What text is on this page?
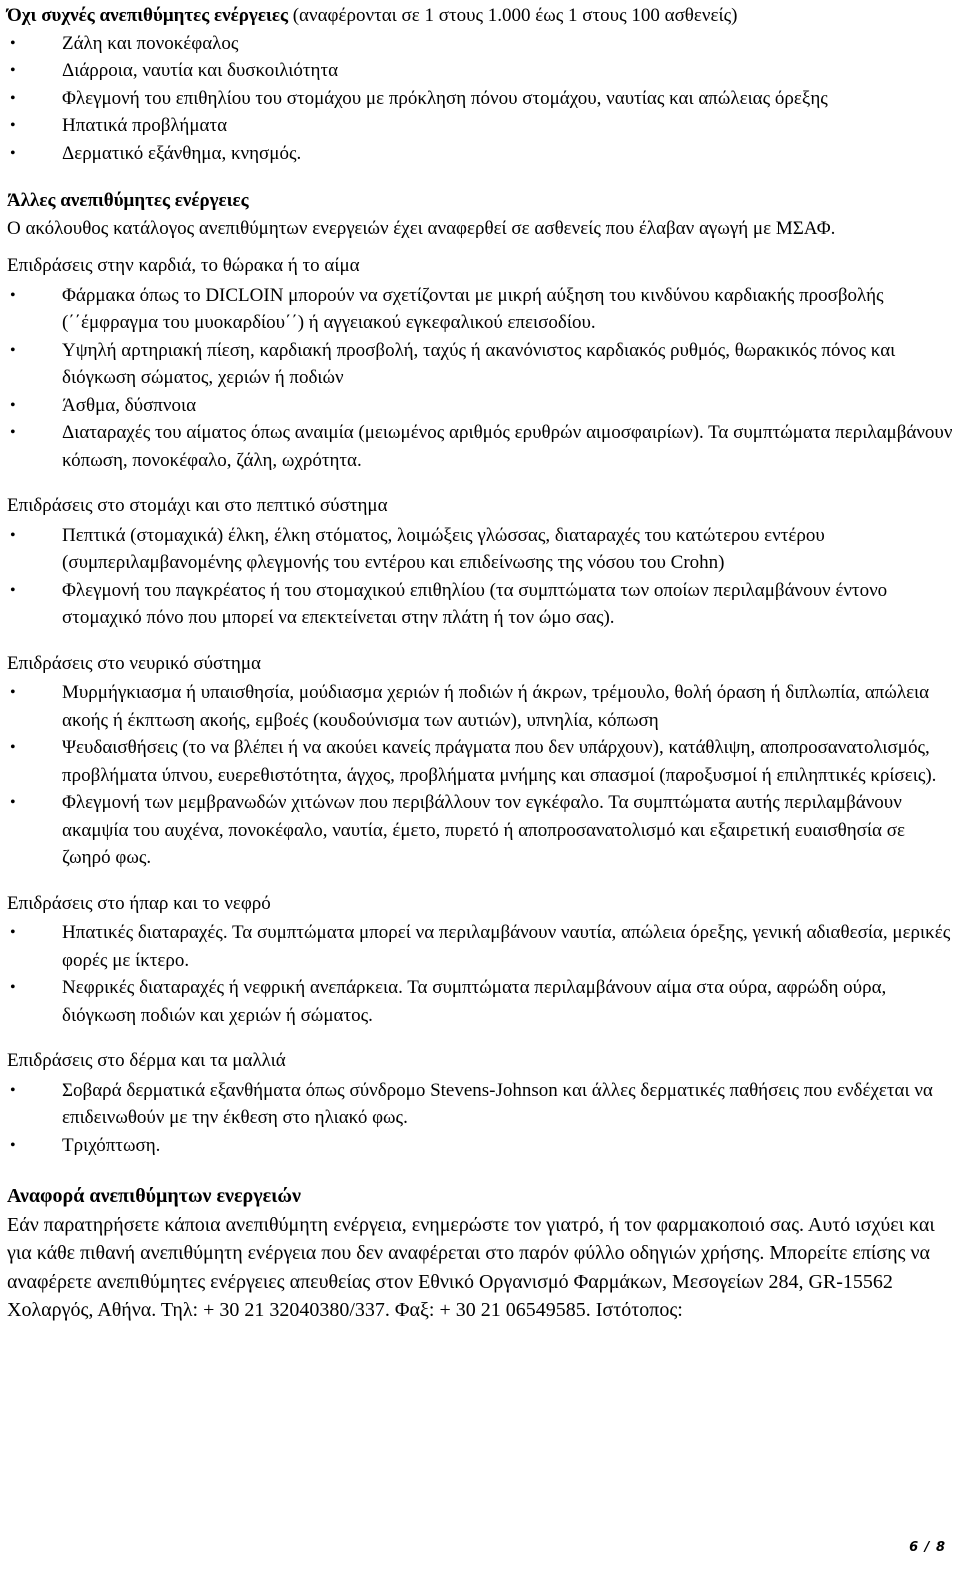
Όχι συχνές ανεπιθύμητες ενέργειες (αναφέρονται σε 1 στους 1.000 έως 1 στους 100 ασθενείς)

• Ζάλη και πονοκέφαλος
• Διάρροια, ναυτία και δυσκοιλιότητα
• Φλεγμονή του επιθηλίου του στομάχου με πρόκληση πόνου στομάχου, ναυτίας και απώλειας όρεξης
• Ηπατικά προβλήματα
• Δερματικό εξάνθημα, κνησμός.

Άλλες ανεπιθύμητες ενέργειες

Ο ακόλουθος κατάλογος ανεπιθύμητων ενεργειών έχει αναφερθεί σε ασθενείς που έλαβαν αγωγή με ΜΣΑΦ.

Επιδράσεις στην καρδιά, το θώρακα ή το αίμα

• Φάρμακα όπως το DICLOIN μπορούν να σχετίζονται με μικρή αύξηση του κινδύνου καρδιακής προσβολής (΄΄έμφραγμα του μυοκαρδίου΄΄) ή αγγειακού εγκεφαλικού επεισοδίου.
• Υψηλή αρτηριακή πίεση, καρδιακή προσβολή, ταχύς ή ακανόνιστος καρδιακός ρυθμός, θωρακικός πόνος και διόγκωση σώματος, χεριών ή ποδιών
• Άσθμα, δύσπνοια
• Διαταραχές του αίματος όπως αναιμία (μειωμένος αριθμός ερυθρών αιμοσφαιρίων). Τα συμπτώματα περιλαμβάνουν κόπωση, πονοκέφαλο, ζάλη, ωχρότητα.

Επιδράσεις στο στομάχι και στο πεπτικό σύστημα

• Πεπτικά (στομαχικά) έλκη, έλκη στόματος, λοιμώξεις γλώσσας, διαταραχές του κατώτερου εντέρου (συμπεριλαμβανομένης φλεγμονής του εντέρου και επιδείνωσης της νόσου του Crohn)
• Φλεγμονή του παγκρέατος ή του στομαχικού επιθηλίου (τα συμπτώματα των οποίων περιλαμβάνουν έντονο στομαχικό πόνο που μπορεί να επεκτείνεται στην πλάτη ή τον ώμο σας).

Επιδράσεις στο νευρικό σύστημα

• Μυρμήγκιασμα ή υπαισθησία, μούδιασμα χεριών ή ποδιών ή άκρων, τρέμουλο, θολή όραση ή διπλωπία, απώλεια ακοής ή έκπτωση ακοής, εμβοές (κουδούνισμα των αυτιών), υπνηλία, κόπωση
• Ψευδαισθήσεις (το να βλέπει ή να ακούει κανείς πράγματα που δεν υπάρχουν), κατάθλιψη, αποπροσανατολισμός, προβλήματα ύπνου, ευερεθιστότητα, άγχος, προβλήματα μνήμης και σπασμοί (παροξυσμοί ή επιληπτικές κρίσεις).
• Φλεγμονή των μεμβρανωδών χιτώνων που περιβάλλουν τον εγκέφαλο. Τα συμπτώματα αυτής περιλαμβάνουν ακαμψία του αυχένα, πονοκέφαλο, ναυτία, έμετο, πυρετό ή αποπροσανατολισμό και εξαιρετική ευαισθησία σε ζωηρό φως.

Επιδράσεις στο ήπαρ και το νεφρό

• Ηπατικές διαταραχές. Τα συμπτώματα μπορεί να περιλαμβάνουν ναυτία, απώλεια όρεξης, γενική αδιαθεσία, μερικές φορές με ίκτερο.
• Νεφρικές διαταραχές ή νεφρική ανεπάρκεια. Τα συμπτώματα περιλαμβάνουν αίμα στα ούρα, αφρώδη ούρα, διόγκωση ποδιών και χεριών ή σώματος.

Επιδράσεις στο δέρμα και τα μαλλιά

• Σοβαρά δερματικά εξανθήματα όπως σύνδρομο Stevens-Johnson και άλλες δερματικές παθήσεις που ενδέχεται να επιδεινωθούν με την έκθεση στο ηλιακό φως.
• Τριχόπτωση.

Αναφορά ανεπιθύμητων ενεργειών

Εάν παρατηρήσετε κάποια ανεπιθύμητη ενέργεια, ενημερώστε τον γιατρό, ή τον φαρμακοποιό σας. Αυτό ισχύει και για κάθε πιθανή ανεπιθύμητη ενέργεια που δεν αναφέρεται στο παρόν φύλλο οδηγιών χρήσης. Μπορείτε επίσης να αναφέρετε ανεπιθύμητες ενέργειες απευθείας στον Εθνικό Οργανισμό Φαρμάκων, Μεσογείων 284, GR-15562 Χολαργός, Αθήνα. Τηλ: + 30 21 32040380/337. Φαξ: + 30 21 06549585. Ιστότοπος:

6 / 8
